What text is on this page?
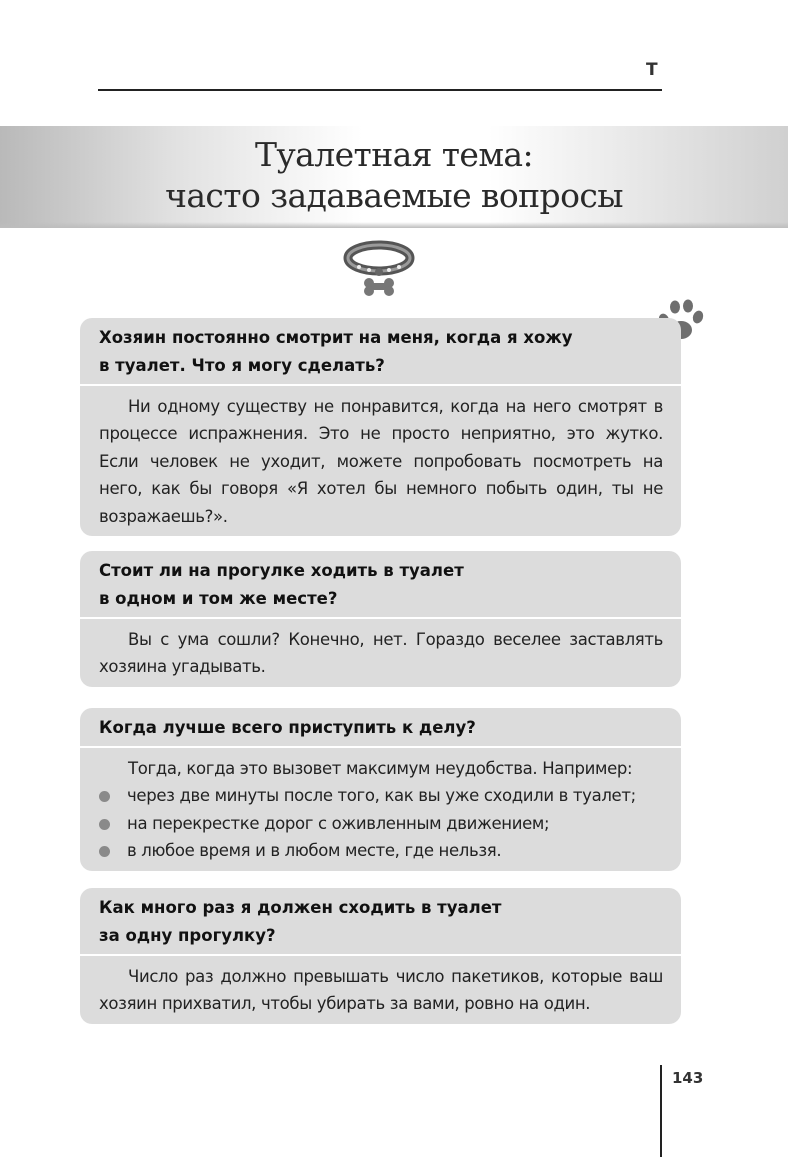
Т
Туалетная тема:
часто задаваемые вопросы
Хозяин постоянно смотрит на меня, когда я хожу
в туалет. Что я могу сделать?
Ни одному существу не понравится, когда на него смотрят в процессе испражнения. Это не просто неприятно, это жутко. Если человек не уходит, можете попробовать посмотреть на него, как бы говоря «Я хотел бы немного побыть один, ты не возражаешь?».
Стоит ли на прогулке ходить в туалет
в одном и том же месте?
Вы с ума сошли? Конечно, нет. Гораздо веселее заставлять хозяина угадывать.
Когда лучше всего приступить к делу?
Тогда, когда это вызовет максимум неудобства. Например:
через две минуты после того, как вы уже сходили в туалет;
на перекрестке дорог с оживленным движением;
в любое время и в любом месте, где нельзя.
Как много раз я должен сходить в туалет
за одну прогулку?
Число раз должно превышать число пакетиков, которые ваш хозяин прихватил, чтобы убирать за вами, ровно на один.
143
